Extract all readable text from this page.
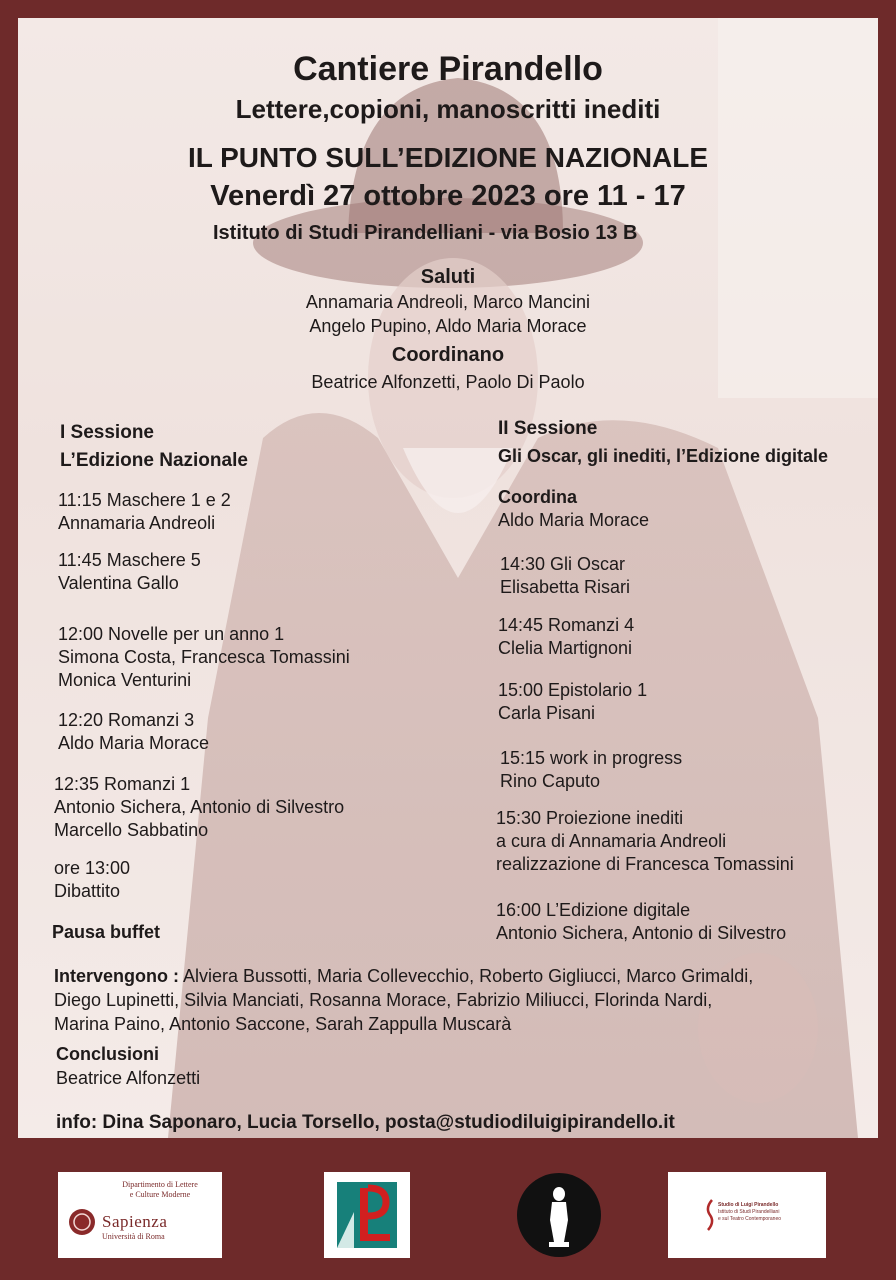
Cantiere Pirandello
Lettere,copioni, manoscritti inediti
IL PUNTO SULL’EDIZIONE NAZIONALE
Venerdì 27 ottobre 2023 ore 11 - 17
Istituto di Studi Pirandelliani - via Bosio 13 B
Saluti
Annamaria Andreoli, Marco Mancini
Angelo Pupino, Aldo Maria Morace
Coordinano
Beatrice Alfonzetti, Paolo Di Paolo
I Sessione
L’Edizione Nazionale
11:15 Maschere 1 e 2
Annamaria Andreoli
11:45 Maschere 5
Valentina Gallo
12:00 Novelle per un anno 1
Simona Costa, Francesca Tomassini
Monica Venturini
12:20 Romanzi 3
Aldo Maria Morace
12:35 Romanzi 1
Antonio Sichera, Antonio di Silvestro
Marcello Sabbatino
ore 13:00
Dibattito
Pausa buffet
II Sessione
Gli Oscar, gli inediti, l’Edizione digitale
Coordina
Aldo Maria Morace
14:30 Gli Oscar
Elisabetta Risari
14:45 Romanzi 4
Clelia Martignoni
15:00 Epistolario 1
Carla Pisani
15:15 work in progress
Rino Caputo
15:30 Proiezione inediti
a cura di Annamaria Andreoli
realizzazione di Francesca Tomassini
16:00 L’Edizione digitale
Antonio Sichera, Antonio di Silvestro
Intervengono : Alviera Bussotti, Maria Collevecchio, Roberto Gigliucci, Marco Grimaldi,
Diego Lupinetti, Silvia Manciati, Rosanna Morace, Fabrizio Miliucci, Florinda Nardi,
Marina Paino, Antonio Saccone, Sarah Zappulla Muscarà
Conclusioni
Beatrice Alfonzetti
info: Dina Saponaro, Lucia Torsello, posta@studiodiluigipirandello.it
Dipartimento di Lettere
e Culture Moderne
Sapienza
Università di Roma
Studio di Luigi Pirandello
Istituto di Studi Pirandelliani
e sul Teatro Contemporaneo
